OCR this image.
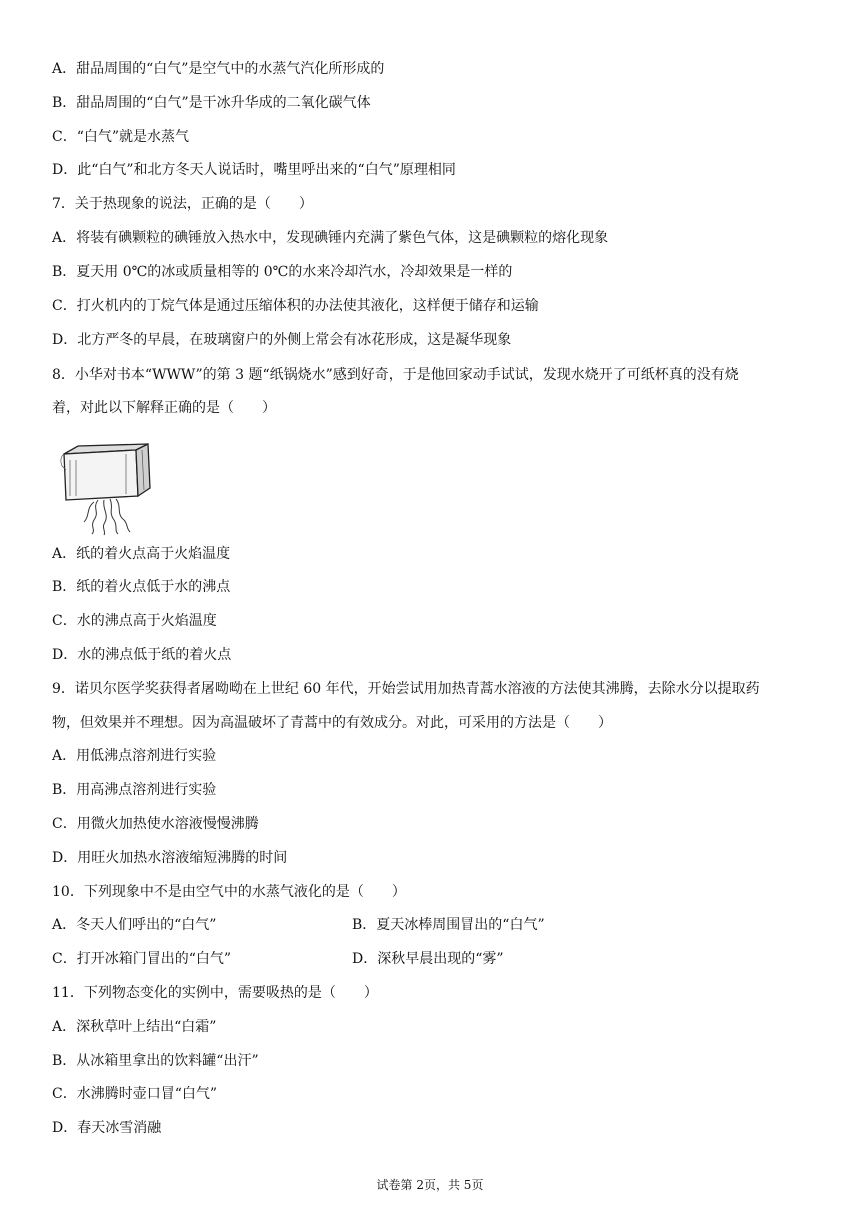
A．甜品周围的“白气”是空气中的水蒸气汽化所形成的
B．甜品周围的“白气”是干冰升华成的二氧化碳气体
C．“白气”就是水蒸气
D．此“白气”和北方冬天人说话时，嘴里呼出来的“白气”原理相同
7．关于热现象的说法，正确的是（　　）
A．将装有碘颗粒的碘锤放入热水中，发现碘锤内充满了紫色气体，这是碘颗粒的熔化现象
B．夏天用 0℃的冰或质量相等的 0℃的水来冷却汽水，冷却效果是一样的
C．打火机内的丁烷气体是通过压缩体积的办法使其液化，这样便于储存和运输
D．北方严冬的早晨，在玻璃窗户的外侧上常会有冰花形成，这是凝华现象
8．小华对书本“WWW”的第 3 题“纸锅烧水”感到好奇，于是他回家动手试试，发现水烧开了可纸杯真的没有烧
着，对此以下解释正确的是（　　）
A．纸的着火点高于火焰温度
B．纸的着火点低于水的沸点
C．水的沸点高于火焰温度
D．水的沸点低于纸的着火点
9．诺贝尔医学奖获得者屠呦呦在上世纪 60 年代，开始尝试用加热青蒿水溶液的方法使其沸腾，去除水分以提取药
物，但效果并不理想。因为高温破坏了青蒿中的有效成分。对此，可采用的方法是（　　）
A．用低沸点溶剂进行实验
B．用高沸点溶剂进行实验
C．用微火加热使水溶液慢慢沸腾
D．用旺火加热水溶液缩短沸腾的时间
10．下列现象中不是由空气中的水蒸气液化的是（　　）
A．冬天人们呼出的“白气”	B．夏天冰棒周围冒出的“白气”
C．打开冰箱门冒出的“白气”	D．深秋早晨出现的“雾”
11．下列物态变化的实例中，需要吸热的是（　　）
A．深秋草叶上结出“白霜”
B．从冰箱里拿出的饮料罐“出汗”
C．水沸腾时壶口冒“白气”
D．春天冰雪消融
试卷第 2页，共 5页
